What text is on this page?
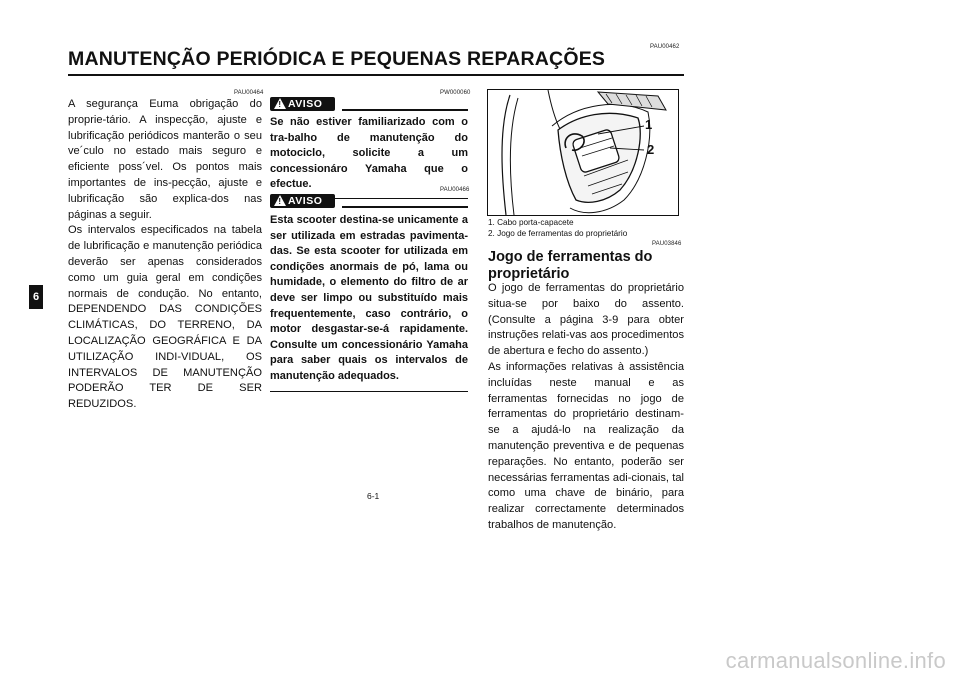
PAU00462
MANUTENÇÃO PERIÓDICA E PEQUENAS REPARAÇÕES
6
PAU00464

A segurança Euma obrigação do proprie-tário. A inspecção, ajuste e lubrificação periódicos manterão o seu ve´culo no estado mais seguro e eficiente poss´vel. Os pontos mais importantes de ins-pecção, ajuste e lubrificação são explica-dos nas páginas a seguir.

Os intervalos especificados na tabela de lubrificação e manutenção periódica deverão ser apenas considerados como um guia geral em condições normais de condução. No entanto, DEPENDENDO DAS CONDIÇÕES CLIMÁTICAS, DO TERRENO, DA LOCALIZAÇÃO GEOGRÁFICA E DA UTILIZAÇÃO INDI-VIDUAL, OS INTERVALOS DE MANUTENÇÃO PODERÃO TER DE SER REDUZIDOS.

PW000060
! AVISO

Se não estiver familiarizado com o tra-balho de manutenção do motociclo, solicite a um concessionáro Yamaha que o efectue.	PAU00466
! AVISO

Esta scooter destina-se unicamente a ser utilizada em estradas pavimenta-das. Se esta scooter for utilizada em condições anormais de pó, lama ou humidade, o elemento do filtro de ar deve ser limpo ou substituído mais frequentemente, caso contrário, o motor desgastar-se-á rapidamente. Consulte um concessionário Yamaha para saber quais os intervalos de manutenção adequados.

1
2
1. Cabo porta-capacete
2. Jogo de ferramentas do proprietário
PAU03846
Jogo de ferramentas do proprietário

O jogo de ferramentas do proprietário situa-se por baixo do assento. (Consulte a página 3-9 para obter instruções relati-vas aos procedimentos de abertura e fecho do assento.)

As informações relativas à assistência incluídas neste manual e as ferramentas fornecidas no jogo de ferramentas do proprietário destinam-se a ajudá-lo na realização da manutenção preventiva e de pequenas reparações. No entanto, poderão ser necessárias ferramentas adi-cionais, tal como uma chave de binário, para realizar correctamente determinados trabalhos de manutenção.

6-1
carmanualsonline.info
